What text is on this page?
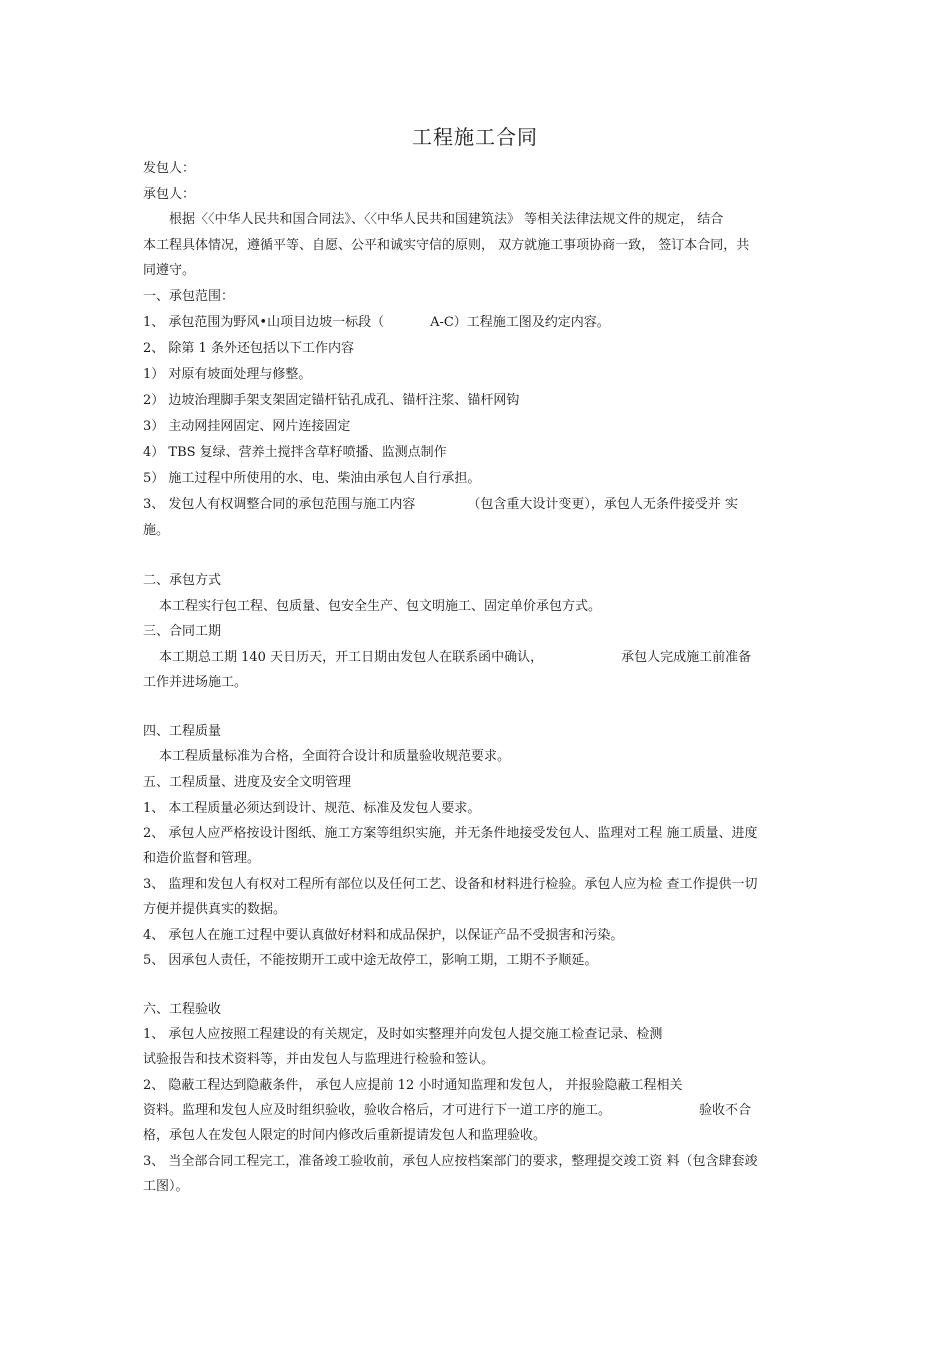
工程施工合同
发包人：
承包人：
根据〈〈中华人民共和国合同法》、〈〈中华人民共和国建筑法》 等相关法律法规文件的规定， 结合
本工程具体情况，遵循平等、自愿、公平和诚实守信的原则， 双方就施工事项协商一致， 签订本合同，共
同遵守。
一、承包范围：
1、 承包范围为野风•山项目边坡一标段（	A-C）工程施工图及约定内容。
2、 除第 1 条外还包括以下工作内容
1） 对原有坡面处理与修整。
2） 边坡治理脚手架支架固定锚杆钻孔成孔、锚杆注浆、锚杆网钩
3） 主动网挂网固定、网片连接固定
4） TBS 复绿、营养土搅拌含草籽喷播、监测点制作
5） 施工过程中所使用的水、电、柴油由承包人自行承担。
3、 发包人有权调整合同的承包范围与施工内容	（包含重大设计变更），承包人无条件接受并 实
施。
二、承包方式
本工程实行包工程、包质量、包安全生产、包文明施工、固定单价承包方式。
三、合同工期
本工期总工期 140 天日历天，开工日期由发包人在联系函中确认，	承包人完成施工前准备
工作并进场施工。
四、工程质量
本工程质量标准为合格，全面符合设计和质量验收规范要求。
五、工程质量、进度及安全文明管理
1、 本工程质量必须达到设计、规范、标准及发包人要求。
2、 承包人应严格按设计图纸、施工方案等组织实施，并无条件地接受发包人、监理对工程 施工质量、进度
和造价监督和管理。
3、 监理和发包人有权对工程所有部位以及任何工艺、设备和材料进行检验。承包人应为检 查工作提供一切
方便并提供真实的数据。
4、 承包人在施工过程中要认真做好材料和成品保护，以保证产品不受损害和污染。
5、 因承包人责任，不能按期开工或中途无故停工，影响工期，工期不予顺延。
六、工程验收
1、 承包人应按照工程建设的有关规定，及时如实整理并向发包人提交施工检查记录、检测
试验报告和技术资料等，并由发包人与监理进行检验和签认。
2、 隐蔽工程达到隐蔽条件， 承包人应提前 12 小时通知监理和发包人， 并报验隐蔽工程相关
资料。监理和发包人应及时组织验收，验收合格后，才可进行下一道工序的施工。	验收不合
格，承包人在发包人限定的时间内修改后重新提请发包人和监理验收。
3、 当全部合同工程完工，准备竣工验收前，承包人应按档案部门的要求，整理提交竣工资 料（包含肆套竣
工图）。
